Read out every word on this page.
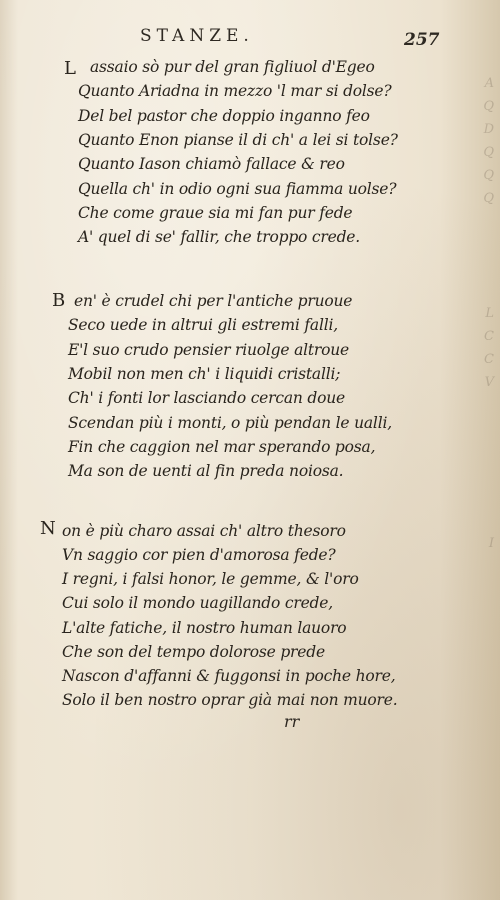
A
Q
D
Q
Q
Q

L
C
C
V

I

STANZE.	257
L assaio sò pur del gran figliuol d'Egeo
Quanto Ariadna in mezzo 'l mar si dolse?
Del bel pastor che doppio inganno feo
Quanto Enon pianse il di ch' a lei si tolse?
Quanto Iason chiamò fallace & reo
Quella ch' in odio ogni sua fiamma uolse?
Che come graue sia mi fan pur fede
A' quel di se' fallir, che troppo crede.
B en' è crudel chi per l'antiche pruoue
Seco uede in altrui gli estremi falli,
E'l suo crudo pensier riuolge altroue
Mobil non men ch' i liquidi cristalli;
Ch' i fonti lor lasciando cercan doue
Scendan più i monti, o più pendan le ualli,
Fin che caggion nel mar sperando posa,
Ma son de uenti al fin preda noiosa.
N on è più charo assai ch' altro thesoro
Vn saggio cor pien d'amorosa fede?
I regni, i falsi honor, le gemme, & l'oro
Cui solo il mondo uagillando crede,
L'alte fatiche, il nostro human lauoro
Che son del tempo dolorose prede
Nascon d'affanni & fuggonsi in poche hore,
Solo il ben nostro oprar già mai non muore.

rr
